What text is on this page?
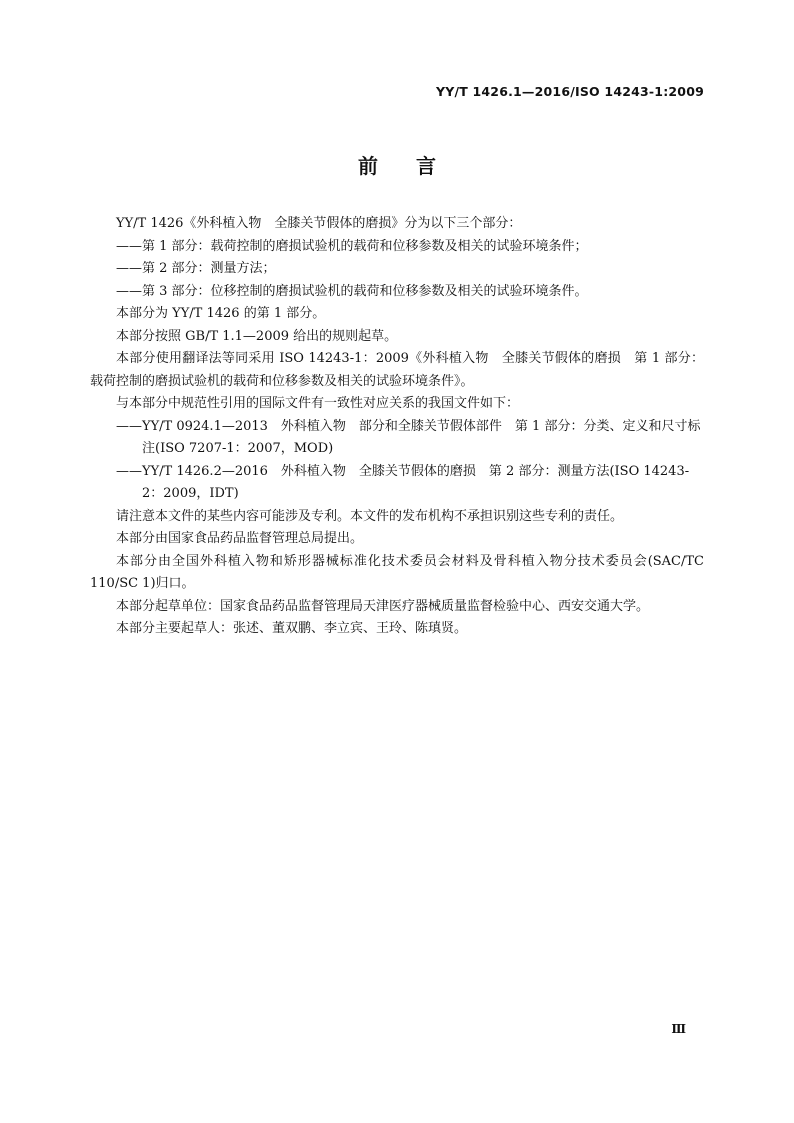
YY/T 1426.1—2016/ISO 14243-1:2009
前言

YY/T 1426《外科植入物　全膝关节假体的磨损》分为以下三个部分：

——第 1 部分：载荷控制的磨损试验机的载荷和位移参数及相关的试验环境条件；

——第 2 部分：测量方法；

——第 3 部分：位移控制的磨损试验机的载荷和位移参数及相关的试验环境条件。

本部分为 YY/T 1426 的第 1 部分。

本部分按照 GB/T 1.1—2009 给出的规则起草。

本部分使用翻译法等同采用 ISO 14243-1：2009《外科植入物　全膝关节假体的磨损　第 1 部分：载荷控制的磨损试验机的载荷和位移参数及相关的试验环境条件》。

与本部分中规范性引用的国际文件有一致性对应关系的我国文件如下：

——YY/T 0924.1—2013　外科植入物　部分和全膝关节假体部件　第 1 部分：分类、定义和尺寸标注(ISO 7207-1：2007，MOD)

——YY/T 1426.2—2016　外科植入物　全膝关节假体的磨损　第 2 部分：测量方法(ISO 14243-2：2009，IDT)

请注意本文件的某些内容可能涉及专利。本文件的发布机构不承担识别这些专利的责任。

本部分由国家食品药品监督管理总局提出。

本部分由全国外科植入物和矫形器械标准化技术委员会材料及骨科植入物分技术委员会(SAC/TC 110/SC 1)归口。

本部分起草单位：国家食品药品监督管理局天津医疗器械质量监督检验中心、西安交通大学。

本部分主要起草人：张述、董双鹏、李立宾、王玲、陈瑱贤。

Ⅲ
